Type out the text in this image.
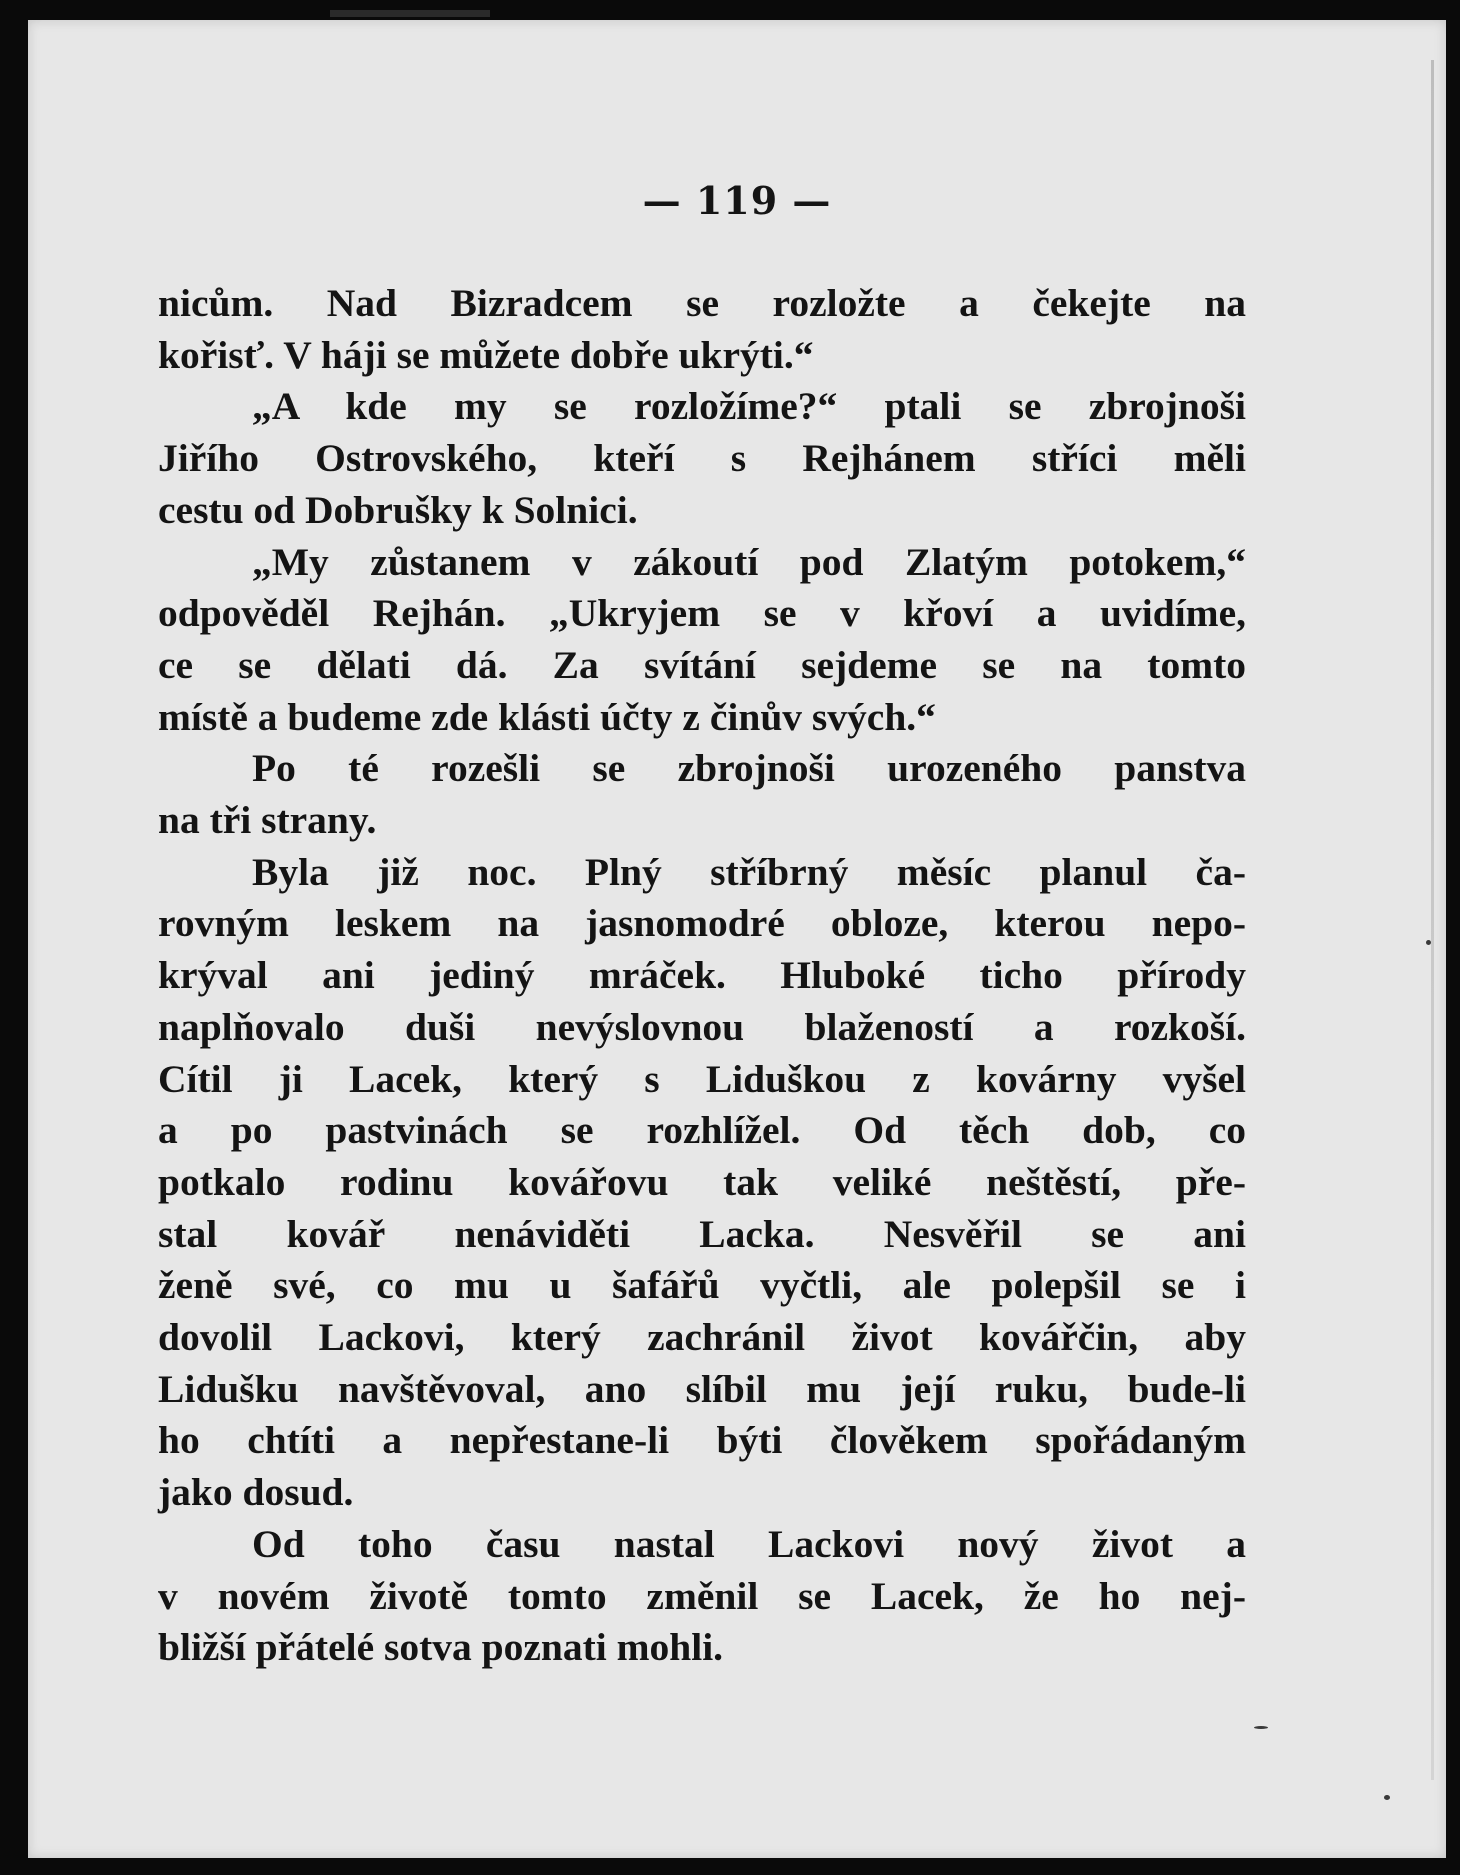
— 119 —
nicům. Nad Bizradcem se rozložte a čekejte na
kořisť. V háji se můžete dobře ukrýti.“
„A kde my se rozložíme?“ ptali se zbrojnoši
Jiřího Ostrovského, kteří s Rejhánem stříci měli
cestu od Dobrušky k Solnici.
„My zůstanem v zákoutí pod Zlatým potokem,“
odpověděl Rejhán. „Ukryjem se v křoví a uvidíme,
ce se dělati dá. Za svítání sejdeme se na tomto
místě a budeme zde klásti účty z činův svých.“
Po té rozešli se zbrojnoši urozeného panstva
na tři strany.
Byla již noc. Plný stříbrný měsíc planul ča-
rovným leskem na jasnomodré obloze, kterou nepo-
krýval ani jediný mráček. Hluboké ticho přírody
naplňovalo duši nevýslovnou blažeností a rozkoší.
Cítil ji Lacek, který s Liduškou z kovárny vyšel
a po pastvinách se rozhlížel. Od těch dob, co
potkalo rodinu kovářovu tak veliké neštěstí, pře-
stal kovář nenáviděti Lacka. Nesvěřil se ani
ženě své, co mu u šafářů vyčtli, ale polepšil se i
dovolil Lackovi, který zachránil život kovářčin, aby
Lidušku navštěvoval, ano slíbil mu její ruku, bude-li
ho chtíti a nepřestane-li býti člověkem spořádaným
jako dosud.
Od toho času nastal Lackovi nový život a
v novém životě tomto změnil se Lacek, že ho nej-
bližší přátelé sotva poznati mohli.
